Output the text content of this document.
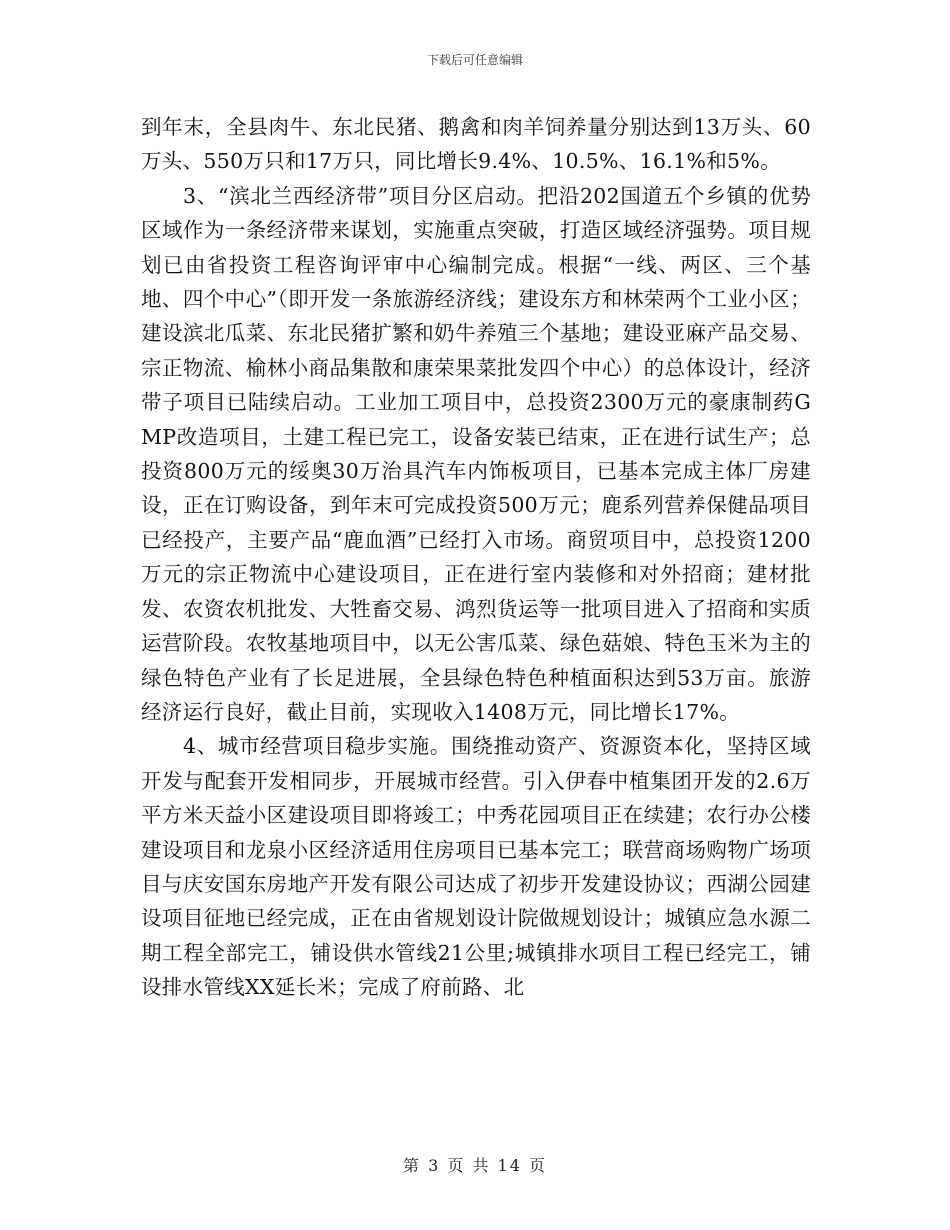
下载后可任意编辑

到年末，全县肉牛、东北民猪、鹅禽和肉羊饲养量分别达到13万头、60万头、550万只和17万只，同比增长9.4%、10.5%、16.1%和5%。

3、“滨北兰西经济带”项目分区启动。把沿202国道五个乡镇的优势区域作为一条经济带来谋划，实施重点突破，打造区域经济强势。项目规划已由省投资工程咨询评审中心编制完成。根据“一线、两区、三个基地、四个中心”（即开发一条旅游经济线；建设东方和林荣两个工业小区；建设滨北瓜菜、东北民猪扩繁和奶牛养殖三个基地；建设亚麻产品交易、宗正物流、榆林小商品集散和康荣果菜批发四个中心）的总体设计，经济带子项目已陆续启动。工业加工项目中，总投资2300万元的豪康制药GMP改造项目，土建工程已完工，设备安装已结束，正在进行试生产；总投资800万元的绥奥30万治具汽车内饰板项目，已基本完成主体厂房建设，正在订购设备，到年末可完成投资500万元；鹿系列营养保健品项目已经投产，主要产品“鹿血酒”已经打入市场。商贸项目中，总投资1200万元的宗正物流中心建设项目，正在进行室内装修和对外招商；建材批发、农资农机批发、大牲畜交易、鸿烈货运等一批项目进入了招商和实质运营阶段。农牧基地项目中，以无公害瓜菜、绿色菇娘、特色玉米为主的绿色特色产业有了长足进展，全县绿色特色种植面积达到53万亩。旅游经济运行良好，截止目前，实现收入1408万元，同比增长17%。

4、城市经营项目稳步实施。围绕推动资产、资源资本化，坚持区域开发与配套开发相同步，开展城市经营。引入伊春中植集团开发的2.6万平方米天益小区建设项目即将竣工；中秀花园项目正在续建；农行办公楼建设项目和龙泉小区经济适用住房项目已基本完工；联营商场购物广场项目与庆安国东房地产开发有限公司达成了初步开发建设协议；西湖公园建设项目征地已经完成，正在由省规划设计院做规划设计；城镇应急水源二期工程全部完工，铺设供水管线21公里;城镇排水项目工程已经完工，铺设排水管线XX延长米；完成了府前路、北

第 3 页 共 14 页
